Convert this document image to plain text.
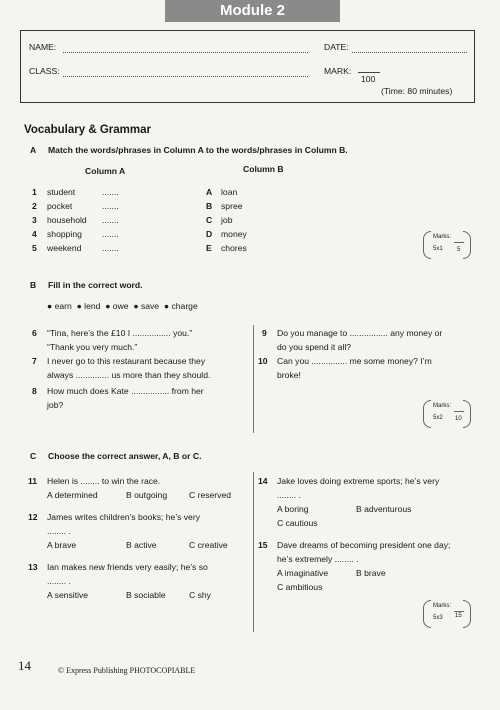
Module 2
NAME:	DATE:
CLASS:	MARK:
100
(Time: 80 minutes)
Vocabulary & Grammar
A Match the words/phrases in Column A to the words/phrases in Column B.
Column A	Column B
1 student	.......	A loan
2 pocket	.......	B spree
3 household .......	C job
4 shopping .......	D money
5 weekend .......	E chores
Marks:
5x1 5
B Fill in the correct word.
● earn ● lend ● owe ● save ● charge
6 “Tina, here’s the £10 I ................ you.”
“Thank you very much.”
7 I never go to this restaurant because they
always .............. us more than they should.
8 How much does Kate ................ from her
job?
9 Do you manage to ................ any money or
do you spend it all?
10 Can you ............... me some money? I’m
broke!
Marks:
5x2 10
C Choose the correct answer, A, B or C.
11 Helen is ........ to win the race.
A determined	B outgoing	C reserved
12 James writes children’s books; he’s very
........ .
A brave	B active	C creative
13 Ian makes new friends very easily; he’s so
........ .
A sensitive	B sociable	C shy
14 Jake loves doing extreme sports; he’s very
........ .
A boring	B adventurous
C cautious
15 Dave dreams of becoming president one day;
he’s extremely ........ .
A imaginative	B brave
C ambitious
Marks:
5x3 15
14	© Express Publishing PHOTOCOPIABLE
